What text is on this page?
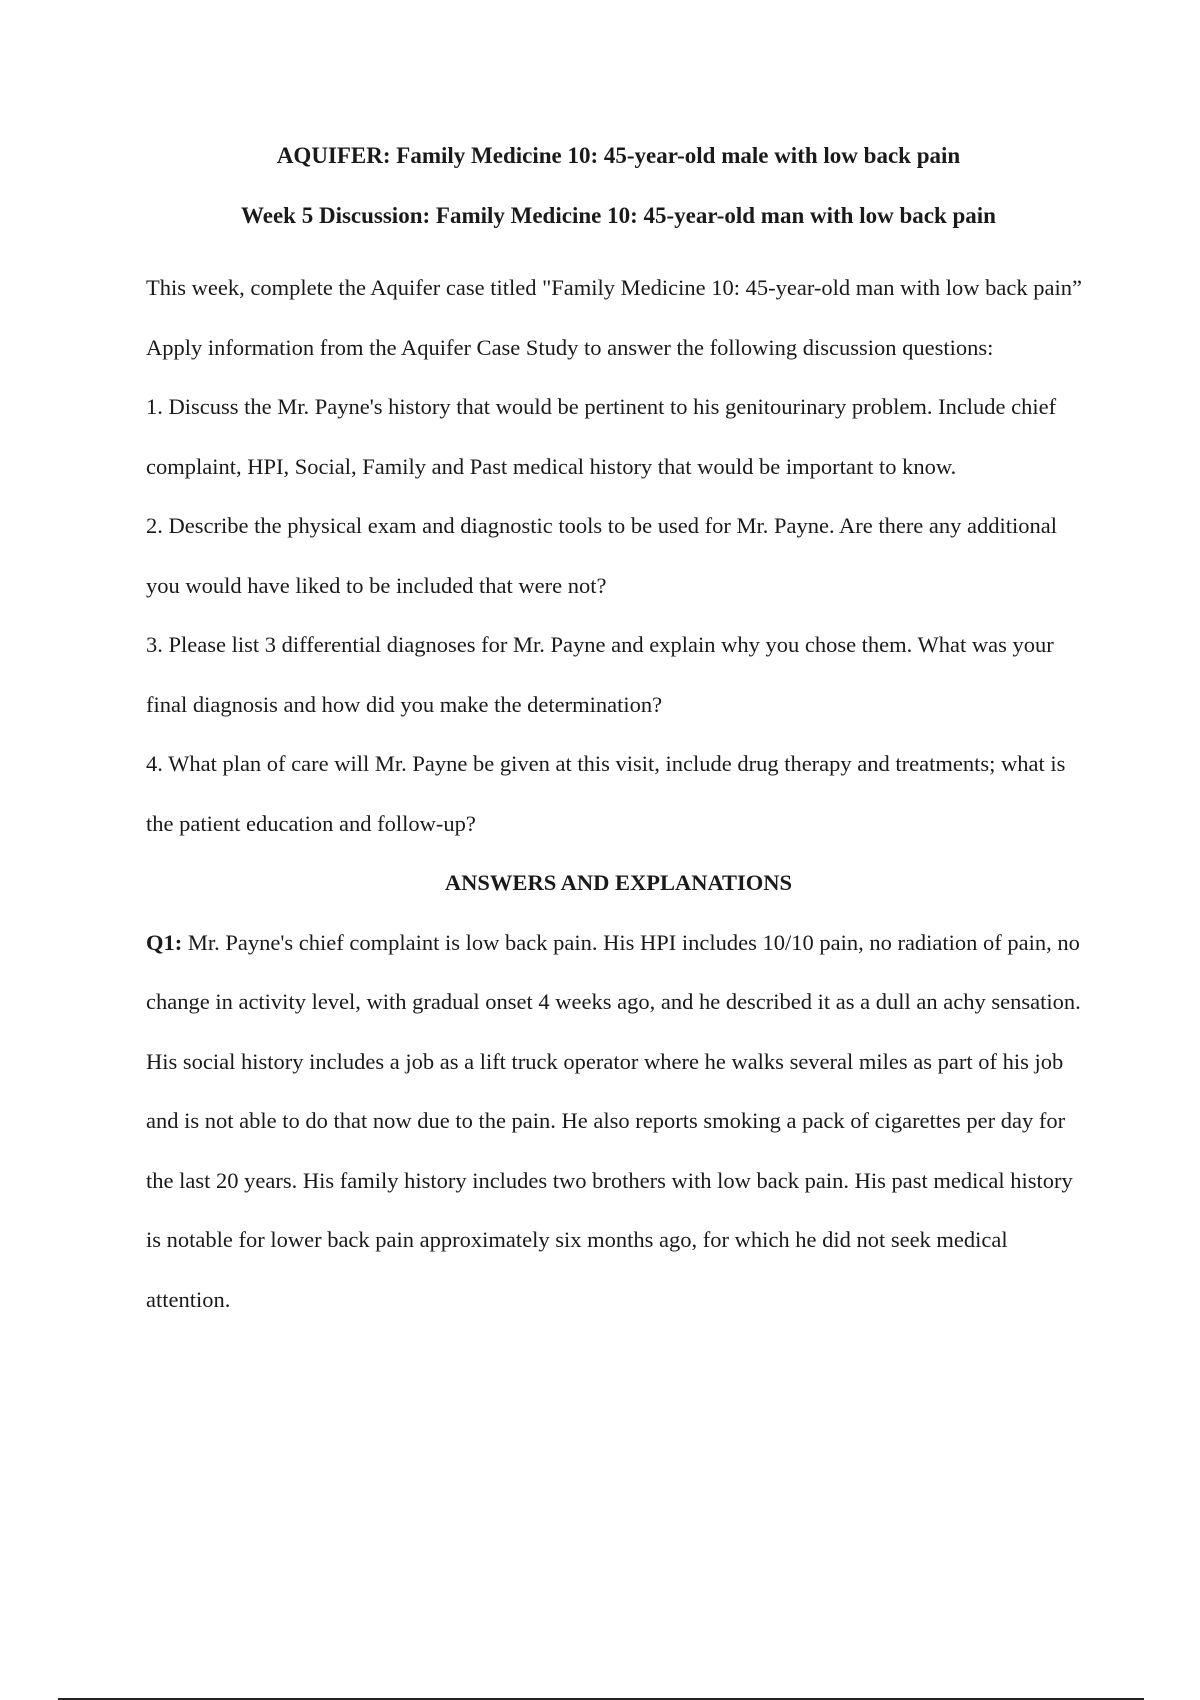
AQUIFER: Family Medicine 10: 45-year-old male with low back pain
Week 5 Discussion: Family Medicine 10: 45-year-old man with low back pain

This week, complete the Aquifer case titled "Family Medicine 10: 45-year-old man with low back pain”

Apply information from the Aquifer Case Study to answer the following discussion questions:

1. Discuss the Mr. Payne's history that would be pertinent to his genitourinary problem. Include chief complaint, HPI, Social, Family and Past medical history that would be important to know.

2. Describe the physical exam and diagnostic tools to be used for Mr. Payne. Are there any additional you would have liked to be included that were not?

3. Please list 3 differential diagnoses for Mr. Payne and explain why you chose them. What was your final diagnosis and how did you make the determination?

4. What plan of care will Mr. Payne be given at this visit, include drug therapy and treatments; what is the patient education and follow-up?

ANSWERS AND EXPLANATIONS

Q1: Mr. Payne's chief complaint is low back pain. His HPI includes 10/10 pain, no radiation of pain, no change in activity level, with gradual onset 4 weeks ago, and he described it as a dull an achy sensation. His social history includes a job as a lift truck operator where he walks several miles as part of his job and is not able to do that now due to the pain. He also reports smoking a pack of cigarettes per day for the last 20 years. His family history includes two brothers with low back pain. His past medical history is notable for lower back pain approximately six months ago, for which he did not seek medical attention.
